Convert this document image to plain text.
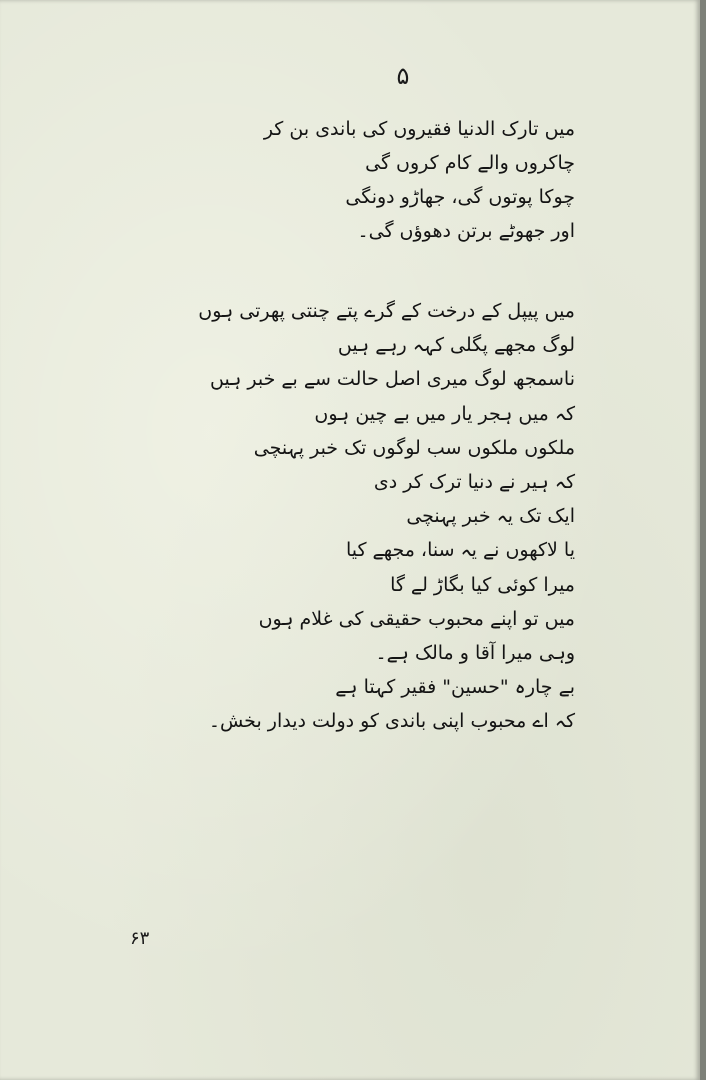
۵
میں تارک الدنیا فقیروں کی باندی بن کر
چاکروں والے کام کروں گی
چوکا پوتوں گی، جھاڑو دونگی
اور جھوٹے برتن دھوؤں گی۔
میں پیپل کے درخت کے گرے پتے چنتی پھرتی ہوں
لوگ مجھے پگلی کہہ رہے ہیں
ناسمجھ لوگ میری اصل حالت سے بے خبر ہیں
کہ میں ہجر یار میں بے چین ہوں
ملکوں ملکوں سب لوگوں تک خبر پہنچی
کہ ہیر نے دنیا ترک کر دی
ایک تک یہ خبر پہنچی
یا لاکھوں نے یہ سنا، مجھے کیا
میرا کوئی کیا بگاڑ لے گا
میں تو اپنے محبوب حقیقی کی غلام ہوں
وہی میرا آقا و مالک ہے۔
بے چارہ "حسین" فقیر کہتا ہے
کہ اے محبوب اپنی باندی کو دولت دیدار بخش۔
۶۳
